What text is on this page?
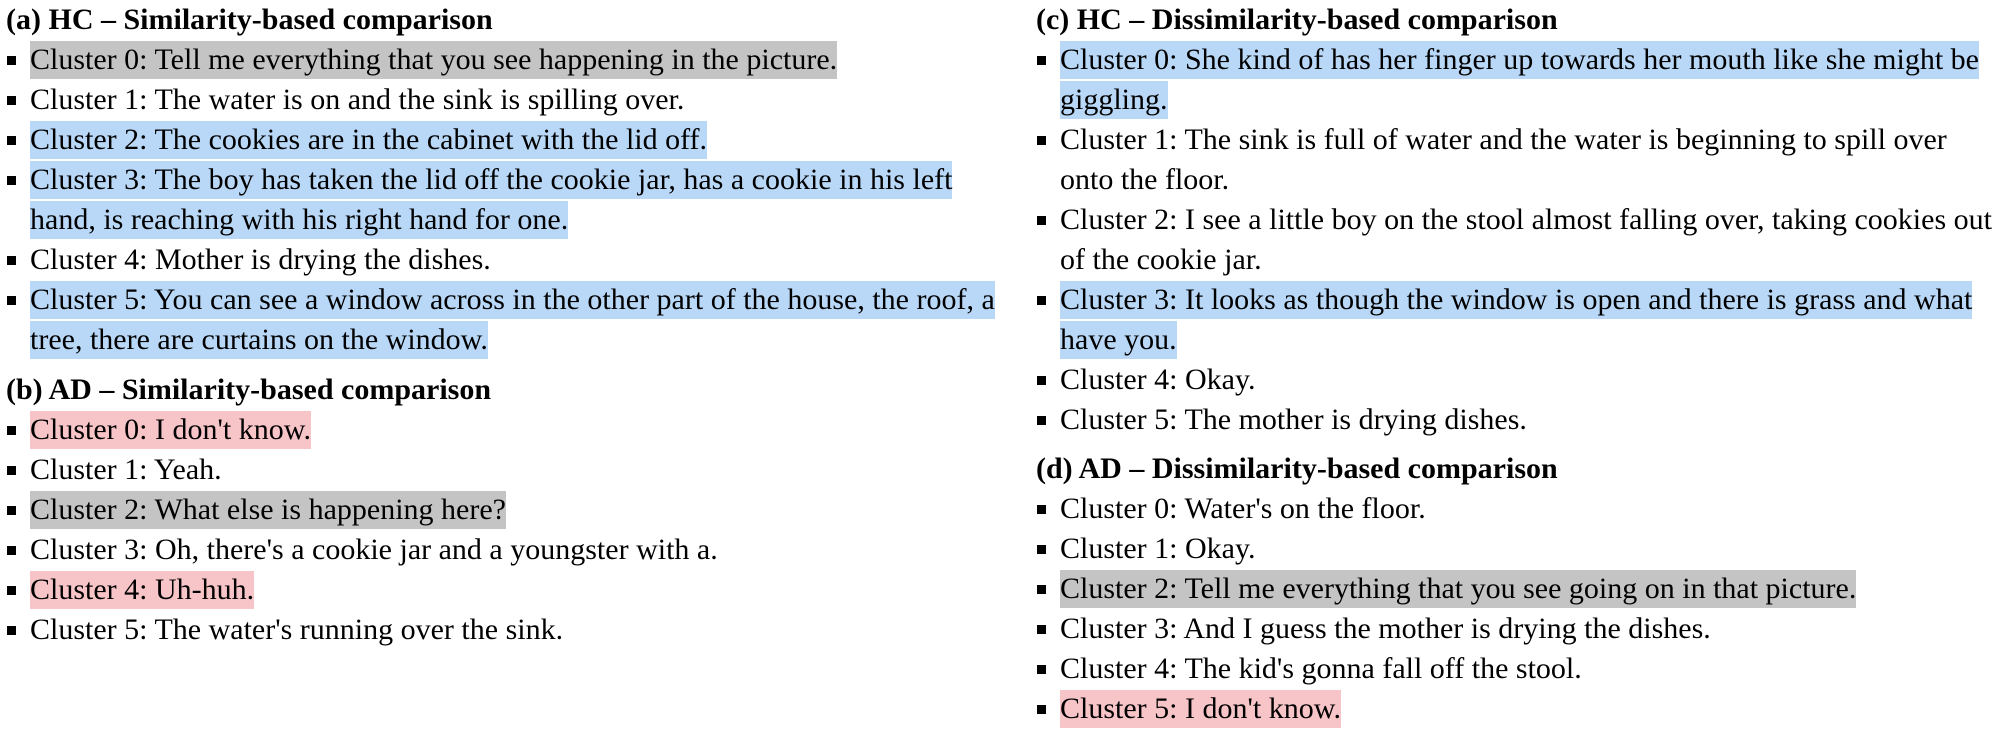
(a) HC – Similarity-based comparison
Cluster 0: Tell me everything that you see happening in the picture.
Cluster 1: The water is on and the sink is spilling over.
Cluster 2: The cookies are in the cabinet with the lid off.
Cluster 3: The boy has taken the lid off the cookie jar, has a cookie in his left hand, is reaching with his right hand for one.
Cluster 4: Mother is drying the dishes.
Cluster 5: You can see a window across in the other part of the house, the roof, a tree, there are curtains on the window.
(b) AD – Similarity-based comparison
Cluster 0: I don't know.
Cluster 1: Yeah.
Cluster 2: What else is happening here?
Cluster 3: Oh, there's a cookie jar and a youngster with a.
Cluster 4: Uh-huh.
Cluster 5: The water's running over the sink.
(c) HC – Dissimilarity-based comparison
Cluster 0: She kind of has her finger up towards her mouth like she might be giggling.
Cluster 1: The sink is full of water and the water is beginning to spill over onto the floor.
Cluster 2: I see a little boy on the stool almost falling over, taking cookies out of the cookie jar.
Cluster 3: It looks as though the window is open and there is grass and what have you.
Cluster 4: Okay.
Cluster 5: The mother is drying dishes.
(d) AD – Dissimilarity-based comparison
Cluster 0: Water's on the floor.
Cluster 1: Okay.
Cluster 2: Tell me everything that you see going on in that picture.
Cluster 3: And I guess the mother is drying the dishes.
Cluster 4: The kid's gonna fall off the stool.
Cluster 5: I don't know.
